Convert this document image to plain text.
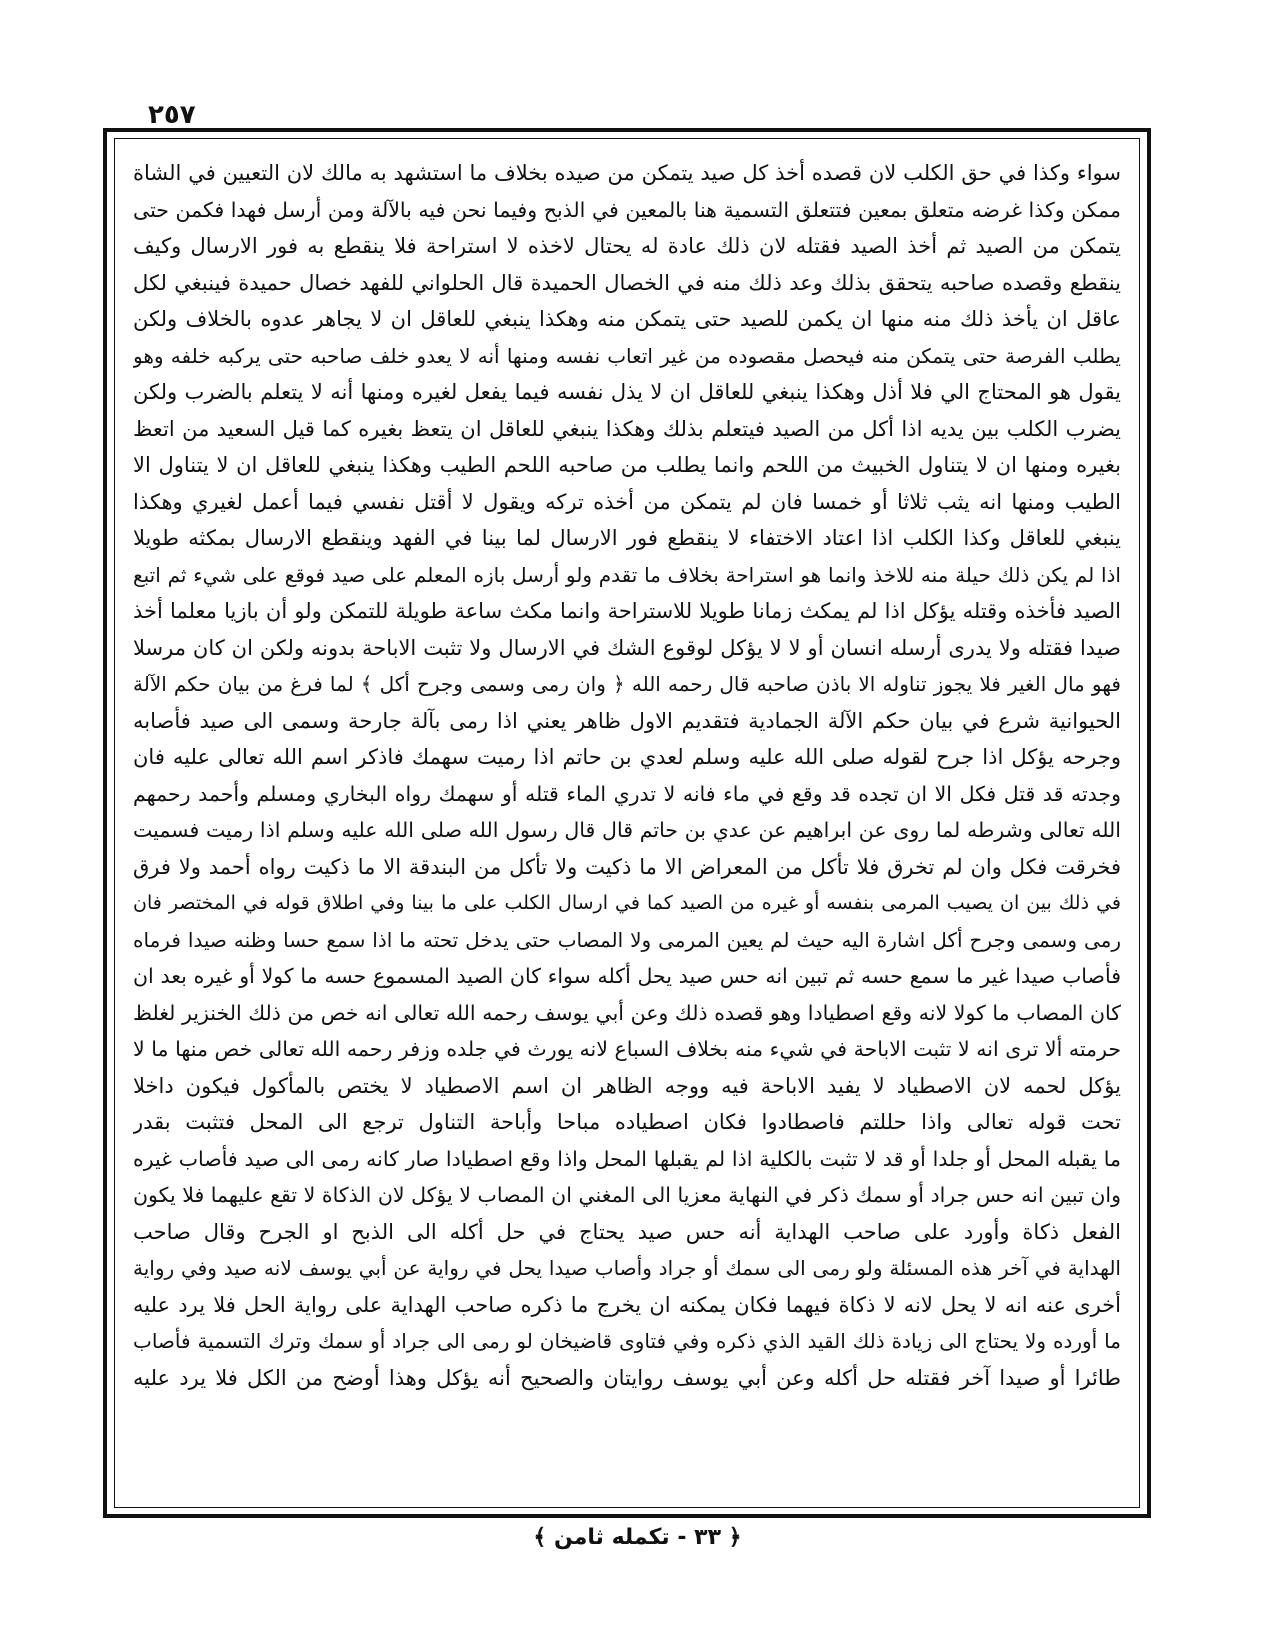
٢٥٧
سواء وكذا في حق الكلب لان قصده أخذ كل صيد يتمكن من صيده بخلاف ما استشهد به مالك لان التعيين في الشاة
ممكن وكذا غرضه متعلق بمعين فتتعلق التسمية هنا بالمعين في الذبح وفيما نحن فيه بالآلة ومن أرسل فهدا فكمن حتى
يتمكن من الصيد ثم أخذ الصيد فقتله لان ذلك عادة له يحتال لاخذه لا استراحة فلا ينقطع به فور الارسال وكيف
ينقطع وقصده صاحبه يتحقق بذلك وعد ذلك منه في الخصال الحميدة قال الحلواني للفهد خصال حميدة فينبغي لكل
عاقل ان يأخذ ذلك منه منها ان يكمن للصيد حتى يتمكن منه وهكذا ينبغي للعاقل ان لا يجاهر عدوه بالخلاف ولكن
يطلب الفرصة حتى يتمكن منه فيحصل مقصوده من غير اتعاب نفسه ومنها أنه لا يعدو خلف صاحبه حتى يركبه خلفه وهو
يقول هو المحتاج الي فلا أذل وهكذا ينبغي للعاقل ان لا يذل نفسه فيما يفعل لغيره ومنها أنه لا يتعلم بالضرب ولكن
يضرب الكلب بين يديه اذا أكل من الصيد فيتعلم بذلك وهكذا ينبغي للعاقل ان يتعظ بغيره كما قيل السعيد من اتعظ
بغيره ومنها ان لا يتناول الخبيث من اللحم وانما يطلب من صاحبه اللحم الطيب وهكذا ينبغي للعاقل ان لا يتناول الا
الطيب ومنها انه يثب ثلاثا أو خمسا فان لم يتمكن من أخذه تركه ويقول لا أقتل نفسي فيما أعمل لغيري وهكذا
ينبغي للعاقل وكذا الكلب اذا اعتاد الاختفاء لا ينقطع فور الارسال لما بينا في الفهد وينقطع الارسال بمكثه طويلا
اذا لم يكن ذلك حيلة منه للاخذ وانما هو استراحة بخلاف ما تقدم ولو أرسل بازه المعلم على صيد فوقع على شيء ثم اتبع
الصيد فأخذه وقتله يؤكل اذا لم يمكث زمانا طويلا للاستراحة وانما مكث ساعة طويلة للتمكن ولو أن بازيا معلما أخذ
صيدا فقتله ولا يدرى أرسله انسان أو لا لا يؤكل لوقوع الشك في الارسال ولا تثبت الاباحة بدونه ولكن ان كان مرسلا
فهو مال الغير فلا يجوز تناوله الا باذن صاحبه قال رحمه الله ﴿ وان رمى وسمى وجرح أكل ﴾ لما فرغ من بيان حكم الآلة
الحيوانية شرع في بيان حكم الآلة الجمادية فتقديم الاول ظاهر يعني اذا رمى بآلة جارحة وسمى الى صيد فأصابه
وجرحه يؤكل اذا جرح لقوله صلى الله عليه وسلم لعدي بن حاتم اذا رميت سهمك فاذكر اسم الله تعالى عليه فان
وجدته قد قتل فكل الا ان تجده قد وقع في ماء فانه لا تدري الماء قتله أو سهمك رواه البخاري ومسلم وأحمد رحمهم
الله تعالى وشرطه لما روى عن ابراهيم عن عدي بن حاتم قال قال رسول الله صلى الله عليه وسلم اذا رميت فسميت
فخرقت فكل وان لم تخرق فلا تأكل من المعراض الا ما ذكيت ولا تأكل من البندقة الا ما ذكيت رواه أحمد ولا فرق
في ذلك بين ان يصيب المرمى بنفسه أو غيره من الصيد كما في ارسال الكلب على ما بينا وفي اطلاق قوله في المختصر فان
رمى وسمى وجرح أكل اشارة اليه حيث لم يعين المرمى ولا المصاب حتى يدخل تحته ما اذا سمع حسا وظنه صيدا فرماه
فأصاب صيدا غير ما سمع حسه ثم تبين انه حس صيد يحل أكله سواء كان الصيد المسموع حسه ما كولا أو غيره بعد ان
كان المصاب ما كولا لانه وقع اصطيادا وهو قصده ذلك وعن أبي يوسف رحمه الله تعالى انه خص من ذلك الخنزير لغلظ
حرمته ألا ترى انه لا تثبت الاباحة في شيء منه بخلاف السباع لانه يورث في جلده وزفر رحمه الله تعالى خص منها ما لا
يؤكل لحمه لان الاصطياد لا يفيد الاباحة فيه ووجه الظاهر ان اسم الاصطياد لا يختص بالمأكول فيكون داخلا
تحت قوله تعالى واذا حللتم فاصطادوا فكان اصطياده مباحا وأباحة التناول ترجع الى المحل فتثبت بقدر
ما يقبله المحل أو جلدا أو قد لا تثبت بالكلية اذا لم يقبلها المحل واذا وقع اصطيادا صار كانه رمى الى صيد فأصاب غيره
وان تبين انه حس جراد أو سمك ذكر في النهاية معزيا الى المغني ان المصاب لا يؤكل لان الذكاة لا تقع عليهما فلا يكون
الفعل ذكاة وأورد على صاحب الهداية أنه حس صيد يحتاج في حل أكله الى الذبح او الجرح وقال صاحب
الهداية في آخر هذه المسئلة ولو رمى الى سمك أو جراد وأصاب صيدا يحل في رواية عن أبي يوسف لانه صيد وفي رواية
أخرى عنه انه لا يحل لانه لا ذكاة فيهما فكان يمكنه ان يخرج ما ذكره صاحب الهداية على رواية الحل فلا يرد عليه
ما أورده ولا يحتاج الى زيادة ذلك القيد الذي ذكره وفي فتاوى قاضيخان لو رمى الى جراد أو سمك وترك التسمية فأصاب
طائرا أو صيدا آخر فقتله حل أكله وعن أبي يوسف روايتان والصحيح أنه يؤكل وهذا أوضح من الكل فلا يرد عليه
﴿ ٣٣ - تكمله ثامن ﴾
